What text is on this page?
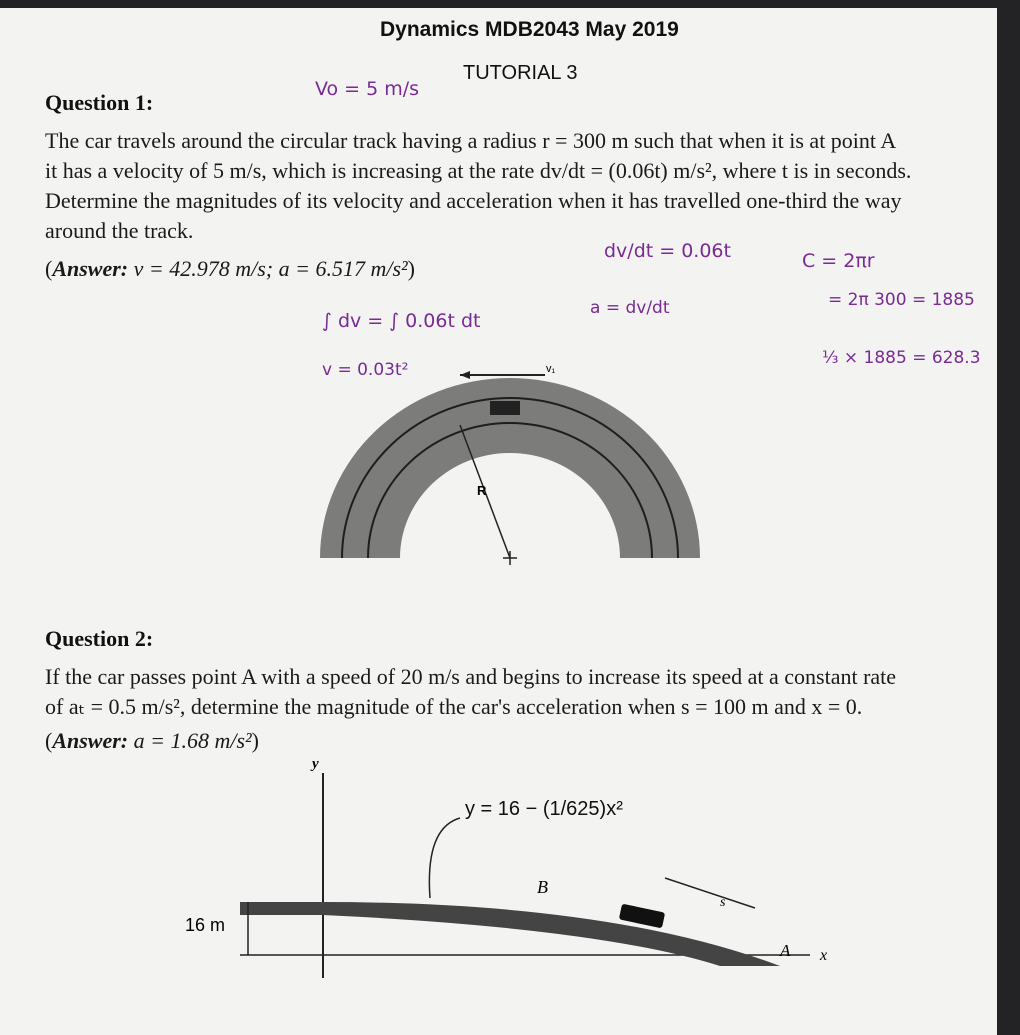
Dynamics MDB2043 May 2019
TUTORIAL 3
Question 1:
The car travels around the circular track having a radius r = 300 m such that when it is at point A
it has a velocity of 5 m/s, which is increasing at the rate dv/dt = (0.06t) m/s², where t is in seconds.
Determine the magnitudes of its velocity and acceleration when it has travelled one-third the way
around the track.
(Answer: v = 42.978 m/s; a = 6.517 m/s²)
Vo = 5 m/s
dv/dt = 0.06t	C = 2πr
= 2π 300 = 1885
⅓ × 1885 = 628.3
a = dv/dt
∫ dv = ∫ 0.06t dt
v = 0.03t²
R
v₁
Question 2:
If the car passes point A with a speed of 20 m/s and begins to increase its speed at a constant rate
of aₜ = 0.5 m/s², determine the magnitude of the car's acceleration when s = 100 m and x = 0.
(Answer: a = 1.68 m/s²)
y
x
B
A
s
16 m
y = 16 − (1/625)x²
